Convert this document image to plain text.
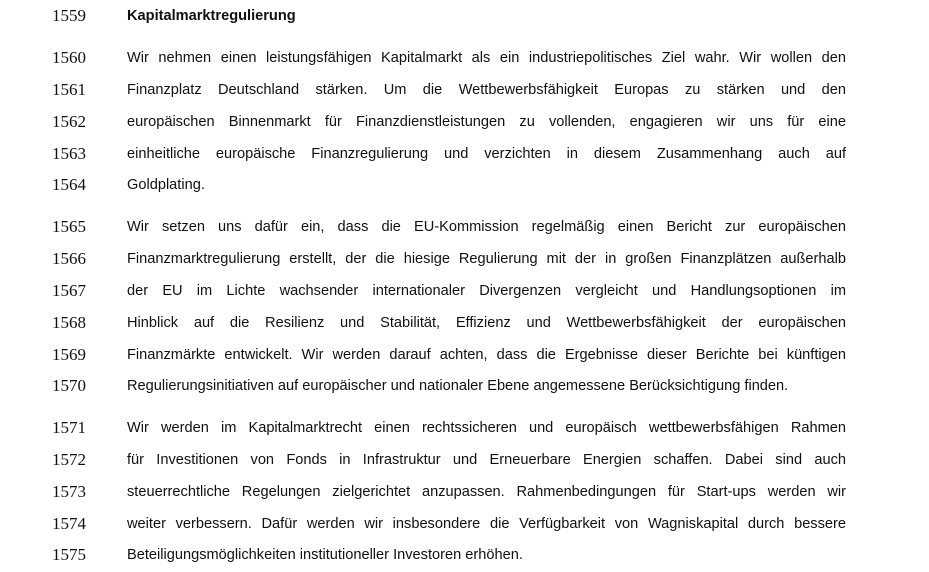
1559	Kapitalmarktregulierung
1560	Wir nehmen einen leistungsfähigen Kapitalmarkt als ein industriepolitisches Ziel wahr. Wir wollen den
1561	Finanzplatz Deutschland stärken. Um die Wettbewerbsfähigkeit Europas zu stärken und den
1562	europäischen Binnenmarkt für Finanzdienstleistungen zu vollenden, engagieren wir uns für eine
1563	einheitliche europäische Finanzregulierung und verzichten in diesem Zusammenhang auch auf
1564	Goldplating.
1565	Wir setzen uns dafür ein, dass die EU-Kommission regelmäßig einen Bericht zur europäischen
1566	Finanzmarktregulierung erstellt, der die hiesige Regulierung mit der in großen Finanzplätzen außerhalb
1567	der EU im Lichte wachsender internationaler Divergenzen vergleicht und Handlungsoptionen im
1568	Hinblick auf die Resilienz und Stabilität, Effizienz und Wettbewerbsfähigkeit der europäischen
1569	Finanzmärkte entwickelt. Wir werden darauf achten, dass die Ergebnisse dieser Berichte bei künftigen
1570	Regulierungsinitiativen auf europäischer und nationaler Ebene angemessene Berücksichtigung finden.
1571	Wir werden im Kapitalmarktrecht einen rechtssicheren und europäisch wettbewerbsfähigen Rahmen
1572	für Investitionen von Fonds in Infrastruktur und Erneuerbare Energien schaffen. Dabei sind auch
1573	steuerrechtliche Regelungen zielgerichtet anzupassen. Rahmenbedingungen für Start-ups werden wir
1574	weiter verbessern. Dafür werden wir insbesondere die Verfügbarkeit von Wagniskapital durch bessere
1575	Beteiligungsmöglichkeiten institutioneller Investoren erhöhen.
